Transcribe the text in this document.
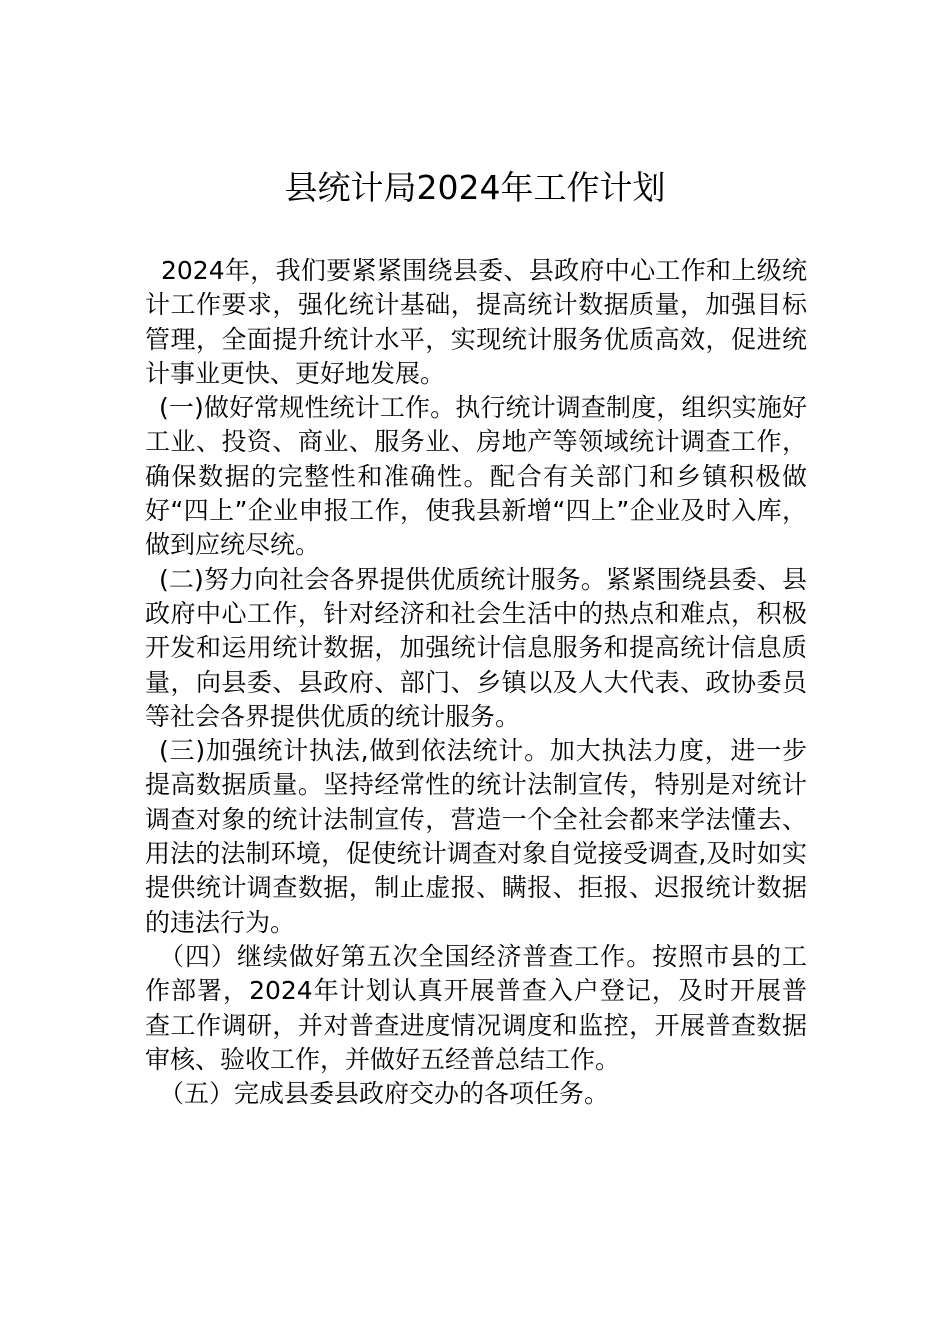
县统计局2024年工作计划

2024年，我们要紧紧围绕县委、县政府中心工作和上级统计工作要求，强化统计基础，提高统计数据质量，加强目标管理，全面提升统计水平，实现统计服务优质高效，促进统计事业更快、更好地发展。

(一)做好常规性统计工作。执行统计调查制度，组织实施好工业、投资、商业、服务业、房地产等领域统计调查工作，确保数据的完整性和准确性。配合有关部门和乡镇积极做好“四上”企业申报工作，使我县新增“四上”企业及时入库，做到应统尽统。

(二)努力向社会各界提供优质统计服务。紧紧围绕县委、县政府中心工作，针对经济和社会生活中的热点和难点，积极开发和运用统计数据，加强统计信息服务和提高统计信息质量，向县委、县政府、部门、乡镇以及人大代表、政协委员等社会各界提供优质的统计服务。

(三)加强统计执法,做到依法统计。加大执法力度，进一步提高数据质量。坚持经常性的统计法制宣传，特别是对统计调查对象的统计法制宣传，营造一个全社会都来学法懂去、用法的法制环境，促使统计调查对象自觉接受调查,及时如实提供统计调查数据，制止虚报、瞒报、拒报、迟报统计数据的违法行为。

（四）继续做好第五次全国经济普查工作。按照市县的工作部署，2024年计划认真开展普查入户登记，及时开展普查工作调研，并对普查进度情况调度和监控，开展普查数据审核、验收工作，并做好五经普总结工作。

（五）完成县委县政府交办的各项任务。
